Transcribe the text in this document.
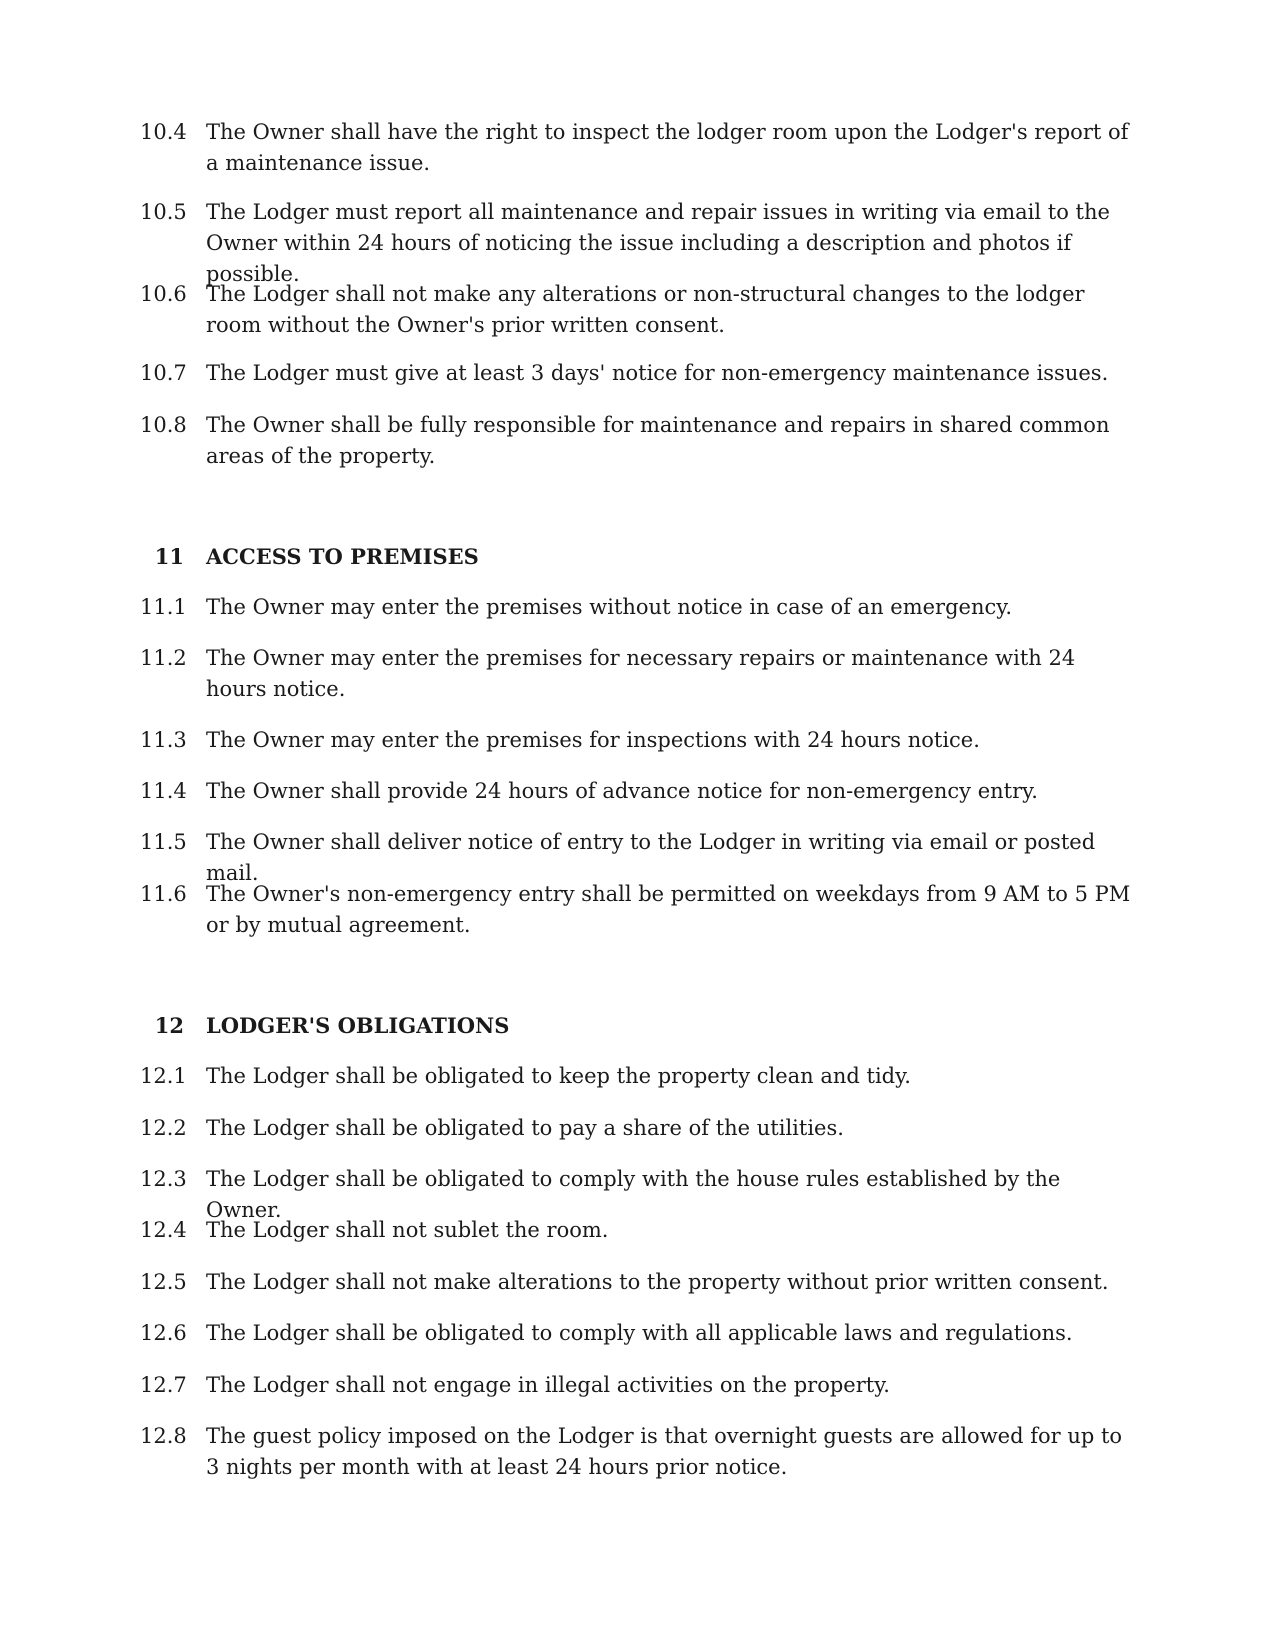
10.4 The Owner shall have the right to inspect the lodger room upon the Lodger's report of a maintenance issue.
10.5 The Lodger must report all maintenance and repair issues in writing via email to the Owner within 24 hours of noticing the issue including a description and photos if possible.
10.6 The Lodger shall not make any alterations or non-structural changes to the lodger room without the Owner's prior written consent.
10.7 The Lodger must give at least 3 days' notice for non-emergency maintenance issues.
10.8 The Owner shall be fully responsible for maintenance and repairs in shared common areas of the property.
11 ACCESS TO PREMISES
11.1 The Owner may enter the premises without notice in case of an emergency.
11.2 The Owner may enter the premises for necessary repairs or maintenance with 24 hours notice.
11.3 The Owner may enter the premises for inspections with 24 hours notice.
11.4 The Owner shall provide 24 hours of advance notice for non-emergency entry.
11.5 The Owner shall deliver notice of entry to the Lodger in writing via email or posted mail.
11.6 The Owner's non-emergency entry shall be permitted on weekdays from 9 AM to 5 PM or by mutual agreement.
12 LODGER'S OBLIGATIONS
12.1 The Lodger shall be obligated to keep the property clean and tidy.
12.2 The Lodger shall be obligated to pay a share of the utilities.
12.3 The Lodger shall be obligated to comply with the house rules established by the Owner.
12.4 The Lodger shall not sublet the room.
12.5 The Lodger shall not make alterations to the property without prior written consent.
12.6 The Lodger shall be obligated to comply with all applicable laws and regulations.
12.7 The Lodger shall not engage in illegal activities on the property.
12.8 The guest policy imposed on the Lodger is that overnight guests are allowed for up to 3 nights per month with at least 24 hours prior notice.
